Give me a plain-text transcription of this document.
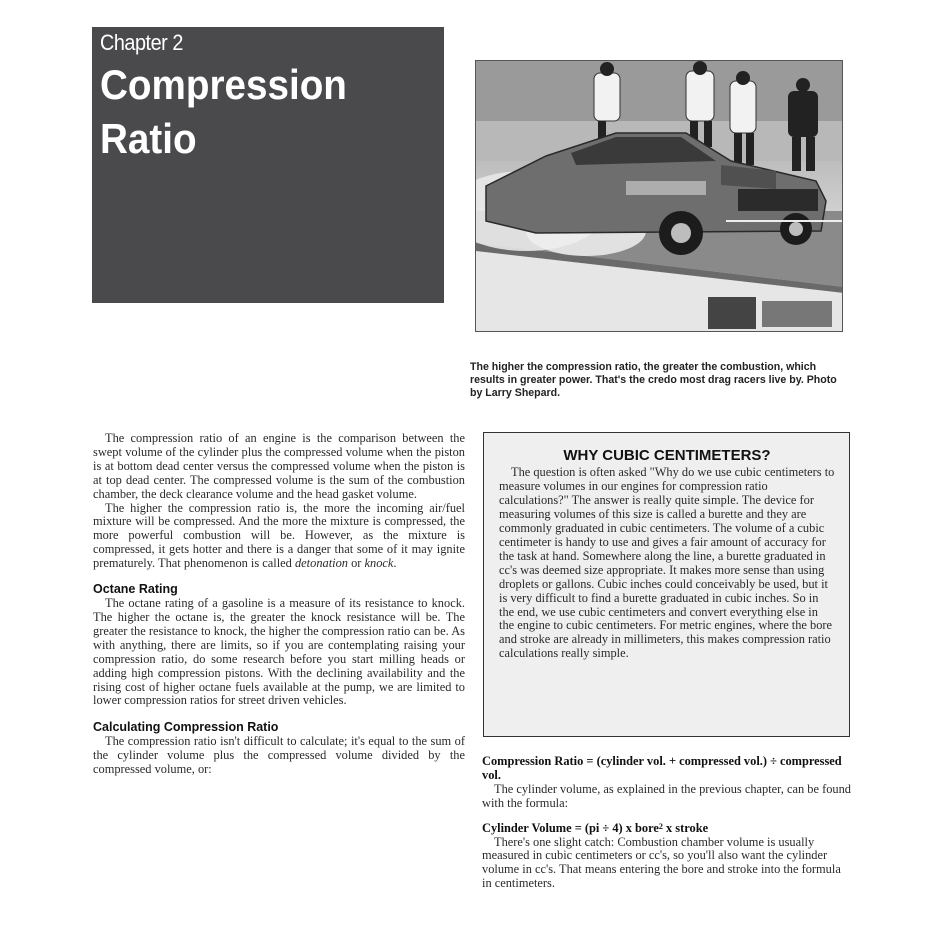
Chapter 2
Compression Ratio
The higher the compression ratio, the greater the combustion, which results in greater power. That's the credo most drag racers live by. Photo by Larry Shepard.

The compression ratio of an engine is the comparison between the swept volume of the cylinder plus the compressed volume when the piston is at bottom dead center versus the compressed volume when the piston is at top dead center. The compressed volume is the sum of the combustion chamber, the deck clearance volume and the head gasket volume.

The higher the compression ratio is, the more the incoming air/fuel mixture will be compressed. And the more the mixture is compressed, the more powerful combustion will be. However, as the mixture is compressed, it gets hotter and there is a danger that some of it may ignite prematurely. That phenomenon is called detonation or knock.

Octane Rating

The octane rating of a gasoline is a measure of its resistance to knock. The higher the octane is, the greater the knock resistance will be. The greater the resistance to knock, the higher the compression ratio can be. As with anything, there are limits, so if you are contemplating raising your compression ratio, do some research before you start milling heads or adding high compression pistons. With the declining availability and the rising cost of higher octane fuels available at the pump, we are limited to lower compression ratios for street driven vehicles.

Calculating Compression Ratio

The compression ratio isn't difficult to calculate; it's equal to the sum of the cylinder volume plus the compressed volume divided by the compressed volume, or:

WHY CUBIC CENTIMETERS?

The question is often asked "Why do we use cubic centimeters to measure volumes in our engines for compression ratio calculations?" The answer is really quite simple. The device for measuring volumes of this size is called a burette and they are commonly graduated in cubic centimeters. The volume of a cubic centimeter is handy to use and gives a fair amount of accuracy for the task at hand. Somewhere along the line, a burette graduated in cc's was deemed size appropriate. It makes more sense than using droplets or gallons. Cubic inches could conceivably be used, but it is very difficult to find a burette graduated in cubic inches. So in the end, we use cubic centimeters and convert everything else in the engine to cubic centimeters. For metric engines, where the bore and stroke are already in millimeters, this makes compression ratio calculations really simple.

Compression Ratio = (cylinder vol. + compressed vol.) ÷ compressed vol.

The cylinder volume, as explained in the previous chapter, can be found with the formula:

Cylinder Volume = (pi ÷ 4) x bore$^2$ x stroke

There's one slight catch: Combustion chamber volume is usually measured in cubic centimeters or cc's, so you'll also want the cylinder volume in cc's. That means entering the bore and stroke into the formula in centimeters.
